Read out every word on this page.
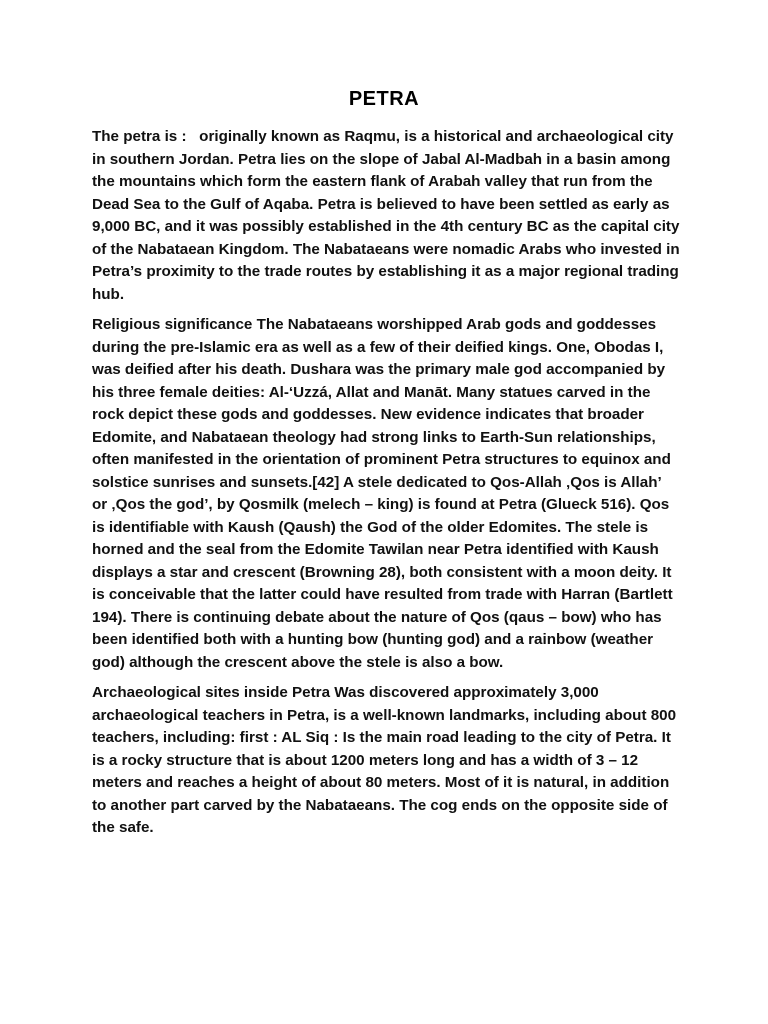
PETRA

The petra is :   originally known as Raqmu, is a historical and archaeological city in southern Jordan. Petra lies on the slope of Jabal Al-Madbah in a basin among the mountains which form the eastern flank of Arabah valley that run from the Dead Sea to the Gulf of Aqaba. Petra is believed to have been settled as early as 9,000 BC, and it was possibly established in the 4th century BC as the capital city of the Nabataean Kingdom. The Nabataeans were nomadic Arabs who invested in Petra’s proximity to the trade routes by establishing it as a major regional trading hub.

Religious significance The Nabataeans worshipped Arab gods and goddesses during the pre-Islamic era as well as a few of their deified kings. One, Obodas I, was deified after his death. Dushara was the primary male god accompanied by his three female deities: Al-‘Uzzá, Allat and Manāt. Many statues carved in the rock depict these gods and goddesses. New evidence indicates that broader Edomite, and Nabataean theology had strong links to Earth-Sun relationships, often manifested in the orientation of prominent Petra structures to equinox and solstice sunrises and sunsets.[42] A stele dedicated to Qos-Allah ‚Qos is Allah’ or ‚Qos the god’, by Qosmilk (melech – king) is found at Petra (Glueck 516). Qos is identifiable with Kaush (Qaush) the God of the older Edomites. The stele is horned and the seal from the Edomite Tawilan near Petra identified with Kaush displays a star and crescent (Browning 28), both consistent with a moon deity. It is conceivable that the latter could have resulted from trade with Harran (Bartlett 194). There is continuing debate about the nature of Qos (qaus – bow) who has been identified both with a hunting bow (hunting god) and a rainbow (weather god) although the crescent above the stele is also a bow.

Archaeological sites inside Petra Was discovered approximately 3,000 archaeological teachers in Petra, is a well-known landmarks, including about 800 teachers, including: first : AL Siq : Is the main road leading to the city of Petra. It is a rocky structure that is about 1200 meters long and has a width of 3 – 12 meters and reaches a height of about 80 meters. Most of it is natural, in addition to another part carved by the Nabataeans. The cog ends on the opposite side of the safe.
